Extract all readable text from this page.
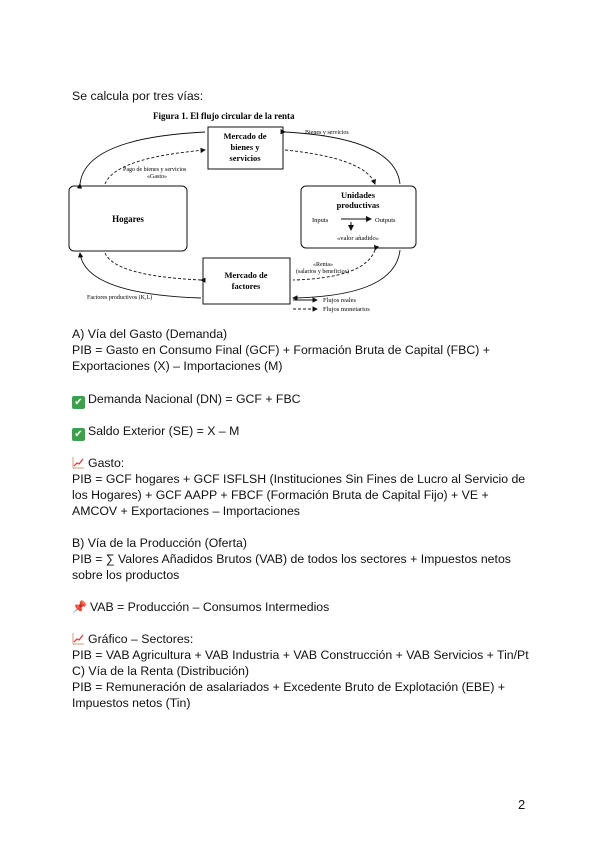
Se calcula por tres vías:

Figura 1. El flujo circular de la renta
Mercado de
bienes y
servicios
Hogares
Unidades
productivas
Inputs	Outputs
«valor añadido»
Mercado de
factores
Bienes y servicios
Pago de bienes y servicios
«Gasto»
«Renta»
(salarios y beneficios)
Factores productivos (K,L)	Flujos reales
Flujos monetarios
A) Vía del Gasto (Demanda)
PIB = Gasto en Consumo Final (GCF) + Formación Bruta de Capital (FBC) +
Exportaciones (X) – Importaciones (M)
✔ Demanda Nacional (DN) = GCF + FBC
✔ Saldo Exterior (SE) = X – M
Gasto:
PIB = GCF hogares + GCF ISFLSH (Instituciones Sin Fines de Lucro al Servicio de
los Hogares) + GCF AAPP + FBCF (Formación Bruta de Capital Fijo) + VE +
AMCOV + Exportaciones – Importaciones
B) Vía de la Producción (Oferta)
PIB = ∑ Valores Añadidos Brutos (VAB) de todos los sectores + Impuestos netos
sobre los productos
📌 VAB = Producción – Consumos Intermedios
Gráfico – Sectores:
PIB = VAB Agricultura + VAB Industria + VAB Construcción + VAB Servicios + Tin/Pt
C) Vía de la Renta (Distribución)
PIB = Remuneración de asalariados + Excedente Bruto de Explotación (EBE) +
Impuestos netos (Tin)
2
